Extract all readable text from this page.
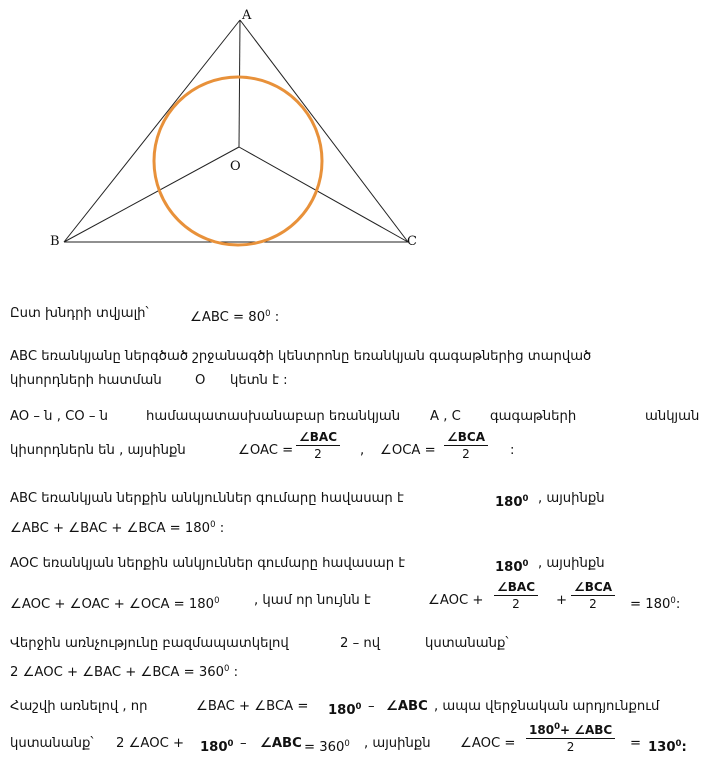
A
B	C
O
Ըստ խնդրի տվյալի՝	∠ABC = $80^0$ :
ABC եռանկյանը ներգծած շրջանագծի կենտրոնը եռանկյան գագաթներից տարված
կիսորդների հատման	O կետն է :
AO – ն , CO – ն	համապատասխանաբար եռանկյան A , C գագաթների	անկյան
կիսորդներն են , այսինքն	∠OAC =
∠BAC
2	, ∠OCA =
∠BCA
2	:
ABC եռանկյան ներքին անկյուններ գումարը հավասար է	$180^0$ , այսինքն
∠ABC + ∠BAC + ∠BCA = $180^0$ :
AOC եռանկյան ներքին անկյուններ գումարը հավասար է	$180^0$ , այսինքն
∠AOC + ∠OAC + ∠OCA = $180^0$	, կամ որ նույնն է	∠AOC +
∠BAC
2	+
∠BCA
2	= $180^0$:
Վերջին առնչությունը բազմապատկելով	2 – ով	կստանանք՝
2 ∠AOC + ∠BAC + ∠BCA = $360^0$ :
Հաշվի առնելով , որ	∠BAC + ∠BCA = $180^0$ – ∠ABC , ապա վերջնական արդյունքում
կստանանք՝ 2 ∠AOC + $180^0$ – ∠ABC = $360^0$ , այսինքն ∠AOC =
$180^0+$ ∠ABC
2	= $130^0$:
